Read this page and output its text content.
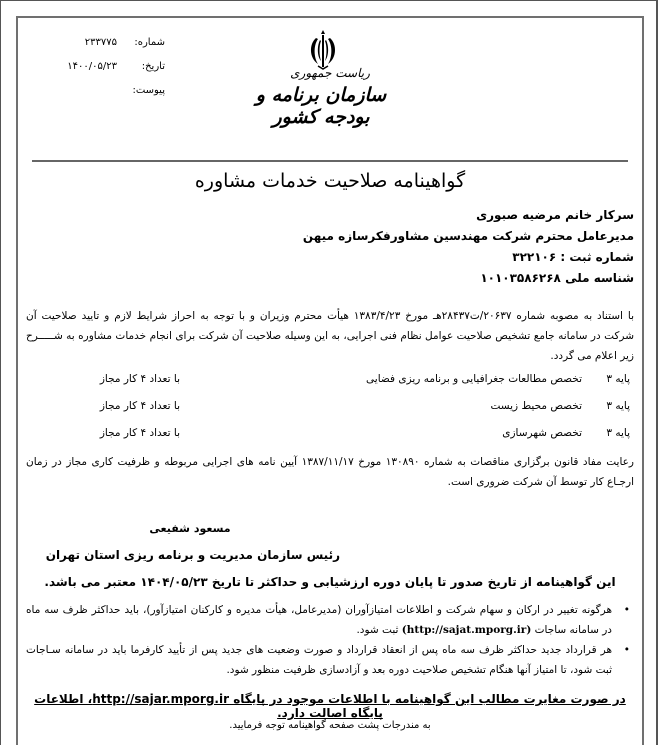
شماره:
۲۳۳۷۷۵
تاریخ:
۱۴۰۰/۰۵/۲۳
پیوست:
ریاست جمهوری
سازمان برنامه و بودجه کشور
گواهینامه صلاحیت خدمات مشاوره
سرکار خانم مرضیه صبوری
مدیرعامل محترم شرکت مهندسین مشاورفکرسازه میهن
شماره ثبت : ۳۲۲۱۰۶
شناسه ملی ۱۰۱۰۳۵۸۶۲۶۸
با استناد به مصوبه شماره ۲۰۶۳۷/ت۲۸۴۳۷هـ مورخ ۱۳۸۳/۴/۲۳ هیأت محترم وزیران و با توجه به احراز شرایط لازم و تایید صلاحیت آن شرکت در سامانه جامع تشخیص صلاحیت عوامل نظام فنی اجرایی، به این وسیله صلاحیت آن شرکت برای انجام خدمات مشاوره به شـــــرح زیر اعلام می گردد.
پایه ۳
تخصص مطالعات جغرافیایی و برنامه ریزی فضایی
با تعداد ۴ کار مجاز
پایه ۳
تخصص محیط زیست
با تعداد ۴ کار مجاز
پایه ۳
تخصص شهرسازی
با تعداد ۴ کار مجاز
رعایت مفاد قانون برگزاری مناقصات به شماره ۱۳۰۸۹۰ مورخ ۱۳۸۷/۱۱/۱۷ آیین نامه های اجرایی مربوطه و ظرفیت کاری مجاز در زمان ارجـاع کار توسط آن شرکت ضروری است.
مسعود شفیعی
رئیس سازمان مدیریت و برنامه ریزی استان تهران
این گواهینامه از تاریخ صدور تا پایان دوره ارزشیابی و حداکثر تا تاریخ ۱۴۰۴/۰۵/۲۳ معتبر می باشد.
•
هرگونه تغییر در ارکان و سهام شرکت و اطلاعات امتیازآوران (مدیرعامل، هیأت مدیره و کارکنان امتیازآور)، باید حداکثر ظرف سه ماه در سامانه ساجات (http://sajat.mporg.ir) ثبت شود.
•
هر قرارداد جدید حداکثر ظرف سه ماه پس از انعقاد قرارداد و صورت وضعیت های جدید پس از تأیید کارفرما باید در سامانه سـاجات ثبت شود، تا امتیاز آنها هنگام تشخیص صلاحیت دوره بعد و آزادسازی ظرفیت منظور شود.
در صورت مغایرت مطالب این گواهینامه با اطلاعات موجود در پایگاه http://sajar.mporg.ir، اطلاعات پایگاه اصالت دارد.
به مندرجات پشت صفحه گواهینامه توجه فرمایید.
